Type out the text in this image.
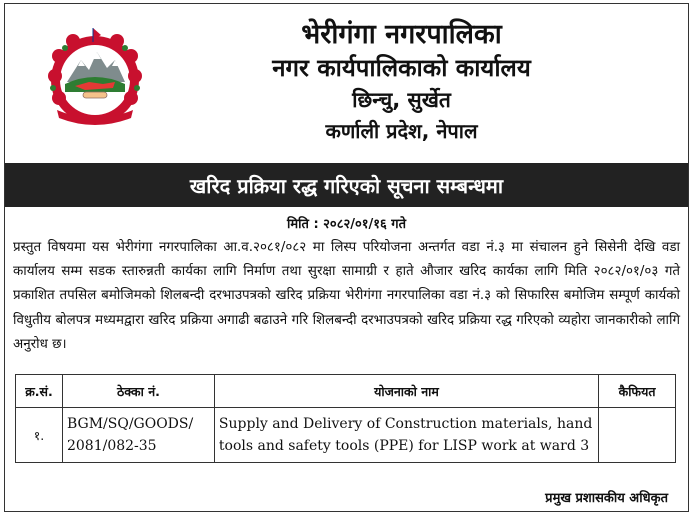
भेरीगंगा नगरपालिका
नगर कार्यपालिकाको कार्यालय
छिन्चु, सुर्खेत
कर्णाली प्रदेश, नेपाल
खरिद प्रक्रिया रद्ध गरिएको सूचना सम्बन्धमा
मिति : २०८२/०१/१६ गते
प्रस्तुत विषयमा यस भेरीगंगा नगरपालिका आ.व.२०८१/०८२ मा लिस्प परियोजना अन्तर्गत वडा नं.३ मा संचालन हुने सिसेनी देखि वडा कार्यालय सम्म सडक स्तारुन्नती कार्यका लागि निर्माण तथा सुरक्षा सामाग्री र हाते औजार खरिद कार्यका लागि मिति २०८२/०१/०३ गते प्रकाशित तपसिल बमोजिमको शिलबन्दी दरभाउपत्रको खरिद प्रक्रिया भेरीगंगा नगरपालिका वडा नं.३ को सिफारिस बमोजिम सम्पूर्ण कार्यको विधुतीय बोलपत्र मध्यमद्वारा खरिद प्रक्रिया अगाढी बढाउने गरि शिलबन्दी दरभाउपत्रको खरिद प्रक्रिया रद्ध गरिएको व्यहोरा जानकारीको लागि अनुरोध छ।
क्र.सं.	ठेक्का नं.	योजनाको नाम	कैफियत
१.	BGM/SQ/GOODS/ 2081/082-35	Supply and Delivery of Construction materials, hand tools and safety tools (PPE) for LISP work at ward 3	
प्रमुख प्रशासकीय अधिकृत
